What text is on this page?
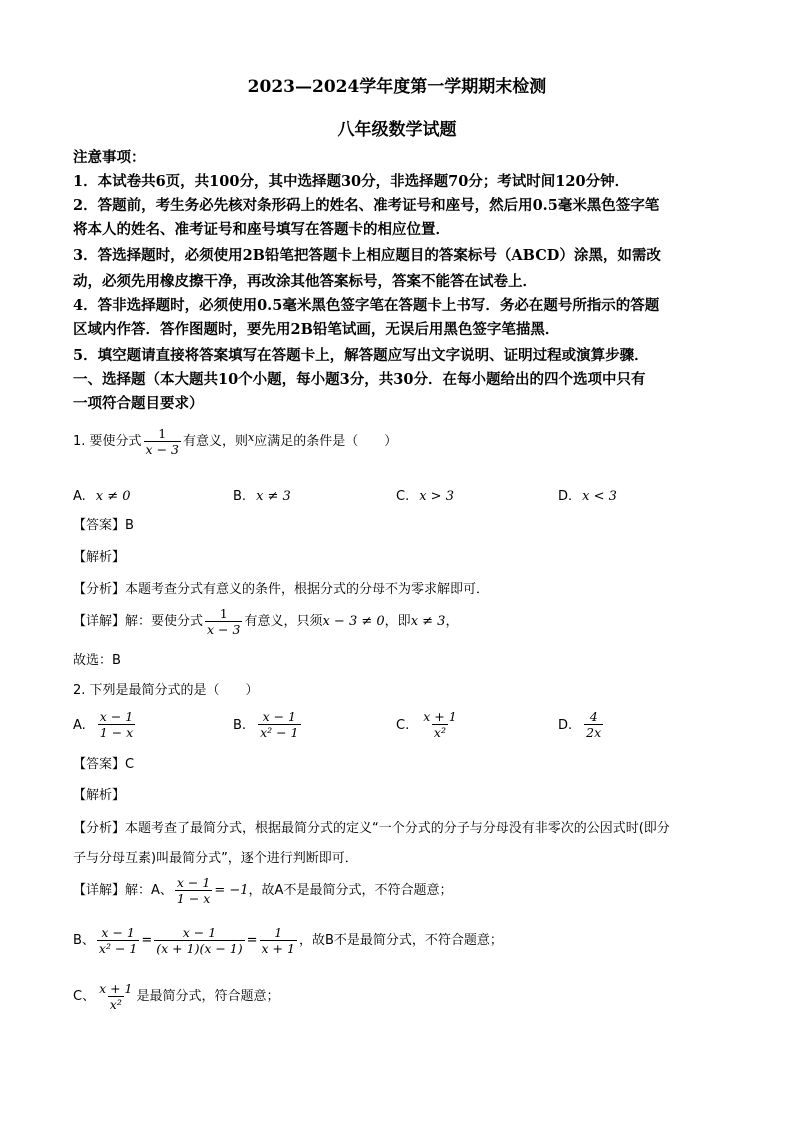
2023—2024学年度第一学期期末检测
八年级数学试题
注意事项：
1．本试卷共6页，共100分，其中选择题30分，非选择题70分；考试时间120分钟．
2．答题前，考生务必先核对条形码上的姓名、准考证号和座号，然后用0.5毫米黑色签字笔
将本人的姓名、准考证号和座号填写在答题卡的相应位置．
3．答选择题时，必须使用2B铅笔把答题卡上相应题目的答案标号（ABCD）涂黑，如需改
动，必须先用橡皮擦干净，再改涂其他答案标号，答案不能答在试卷上．
4．答非选择题时，必须使用0.5毫米黑色签字笔在答题卡上书写．务必在题号所指示的答题
区域内作答．答作图题时，要先用2B铅笔试画，无误后用黑色签字笔描黑．
5．填空题请直接将答案填写在答题卡上，解答题应写出文字说明、证明过程或演算步骤．
一、选择题（本大题共10个小题，每小题3分，共30分．在每小题给出的四个选项中只有
一项符合题目要求）
1. 要使分式 $\frac{1}{x - 3}$ 有意义，则$^x$应满足的条件是（　　）
A. x ≠ 0	B. x ≠ 3	C. x > 3	D. x < 3
【答案】B
【解析】
【分析】本题考查分式有意义的条件，根据分式的分母不为零求解即可．
【详解】解：要使分式 $\frac{1}{x - 3}$ 有意义，只须x − 3 ≠ 0，即x ≠ 3，
故选：B
2. 下列是最简分式的是（　　）
A. $\frac{x - 1}{1 - x}$	B. $\frac{x - 1}{\text{x² − 1}}$	C. $\frac{x + 1}{\text{x²}}$	D. $\frac{4}{2x}$
【答案】C
【解析】
【分析】本题考查了最简分式，根据最简分式的定义“一个分式的分子与分母没有非零次的公因式时(即分
子与分母互素)叫最简分式”，逐个进行判断即可．
【详解】解：A、 $\frac{x - 1}{1 - x} = -1$，故A不是最简分式，不符合题意；
B、 $\frac{x - 1}{\text{x² − 1}} = \frac{x - 1}{(x + 1)(x - 1)} = \frac{1}{x + 1}$ ，故B不是最简分式，不符合题意；
C、 $\frac{x + 1}{\text{x²}}$ 是最简分式，符合题意；
